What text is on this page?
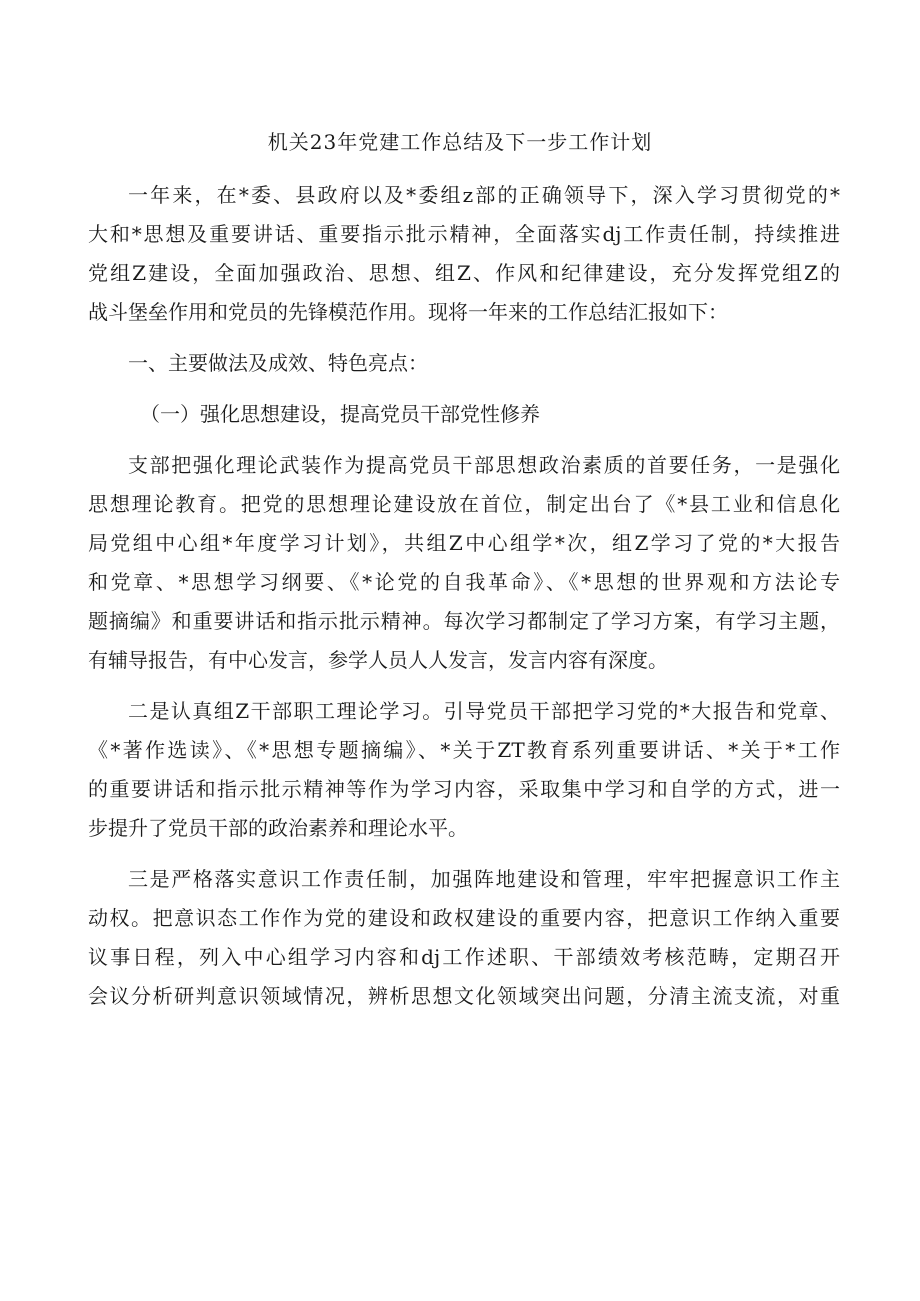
机关23年党建工作总结及下一步工作计划
一年来，在*委、县政府以及*委组z部的正确领导下，深入学习贯彻党的*
大和*思想及重要讲话、重要指示批示精神，全面落实dj工作责任制，持续推进
党组Z建设，全面加强政治、思想、组Z、作风和纪律建设，充分发挥党组Z的
战斗堡垒作用和党员的先锋模范作用。现将一年来的工作总结汇报如下：
一、主要做法及成效、特色亮点：
（一）强化思想建设，提高党员干部党性修养
支部把强化理论武装作为提高党员干部思想政治素质的首要任务，一是强化
思想理论教育。把党的思想理论建设放在首位，制定出台了《*县工业和信息化
局党组中心组*年度学习计划》，共组Z中心组学*次，组Z学习了党的*大报告
和党章、*思想学习纲要、《*论党的自我革命》、《*思想的世界观和方法论专
题摘编》和重要讲话和指示批示精神。每次学习都制定了学习方案，有学习主题，
有辅导报告，有中心发言，参学人员人人发言，发言内容有深度。
二是认真组Z干部职工理论学习。引导党员干部把学习党的*大报告和党章、
《*著作选读》、《*思想专题摘编》、*关于ZT教育系列重要讲话、*关于*工作
的重要讲话和指示批示精神等作为学习内容，采取集中学习和自学的方式，进一
步提升了党员干部的政治素养和理论水平。
三是严格落实意识工作责任制，加强阵地建设和管理，牢牢把握意识工作主
动权。把意识态工作作为党的建设和政权建设的重要内容，把意识工作纳入重要
议事日程，列入中心组学习内容和dj工作述职、干部绩效考核范畴，定期召开
会议分析研判意识领域情况，辨析思想文化领域突出问题，分清主流支流，对重
